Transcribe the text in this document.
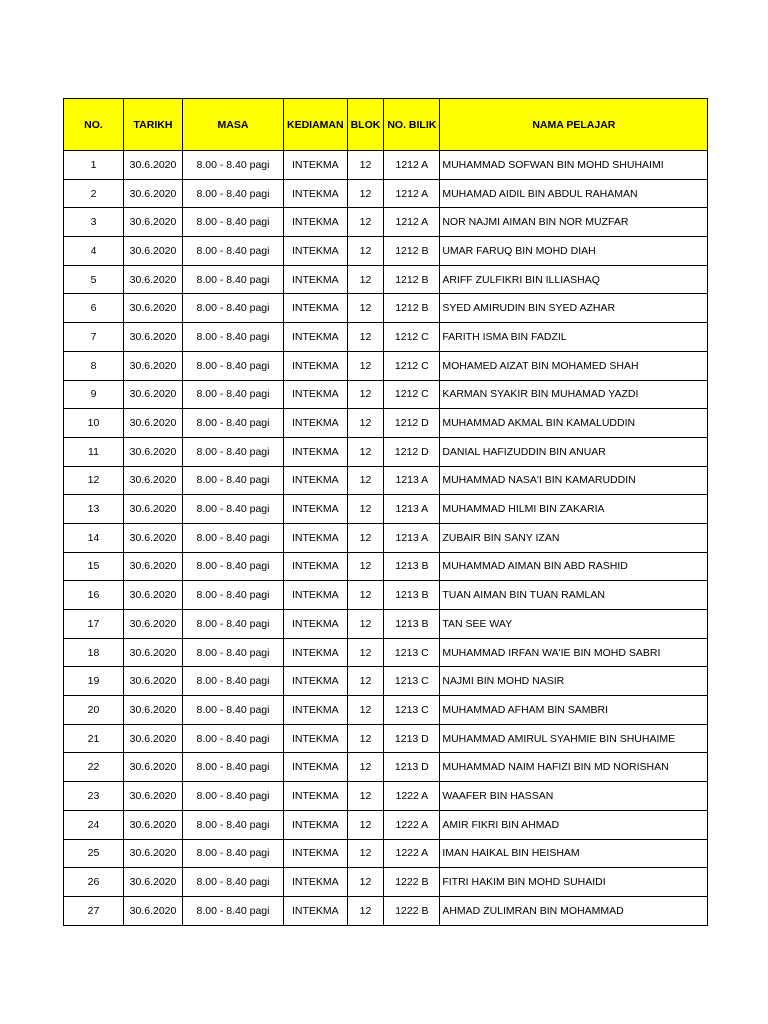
NO.	TARIKH	MASA	KEDIAMAN	BLOK	NO. BILIK	NAMA PELAJAR
1	30.6.2020	8.00 - 8.40 pagi	INTEKMA	12	1212 A	MUHAMMAD SOFWAN BIN MOHD SHUHAIMI
2	30.6.2020	8.00 - 8.40 pagi	INTEKMA	12	1212 A	MUHAMAD AIDIL BIN ABDUL RAHAMAN
3	30.6.2020	8.00 - 8.40 pagi	INTEKMA	12	1212 A	NOR NAJMI AIMAN BIN NOR MUZFAR
4	30.6.2020	8.00 - 8.40 pagi	INTEKMA	12	1212 B	UMAR FARUQ BIN MOHD DIAH
5	30.6.2020	8.00 - 8.40 pagi	INTEKMA	12	1212 B	ARIFF ZULFIKRI BIN ILLIASHAQ
6	30.6.2020	8.00 - 8.40 pagi	INTEKMA	12	1212 B	SYED AMIRUDIN BIN SYED AZHAR
7	30.6.2020	8.00 - 8.40 pagi	INTEKMA	12	1212 C	FARITH ISMA BIN FADZIL
8	30.6.2020	8.00 - 8.40 pagi	INTEKMA	12	1212 C	MOHAMED AIZAT BIN MOHAMED SHAH
9	30.6.2020	8.00 - 8.40 pagi	INTEKMA	12	1212 C	KARMAN SYAKIR BIN MUHAMAD YAZDI
10	30.6.2020	8.00 - 8.40 pagi	INTEKMA	12	1212 D	MUHAMMAD AKMAL BIN KAMALUDDIN
11	30.6.2020	8.00 - 8.40 pagi	INTEKMA	12	1212 D	DANIAL HAFIZUDDIN BIN ANUAR
12	30.6.2020	8.00 - 8.40 pagi	INTEKMA	12	1213 A	MUHAMMAD NASA'I BIN KAMARUDDIN
13	30.6.2020	8.00 - 8.40 pagi	INTEKMA	12	1213 A	MUHAMMAD HILMI BIN ZAKARIA
14	30.6.2020	8.00 - 8.40 pagi	INTEKMA	12	1213 A	ZUBAIR BIN SANY IZAN
15	30.6.2020	8.00 - 8.40 pagi	INTEKMA	12	1213 B	MUHAMMAD AIMAN BIN ABD RASHID
16	30.6.2020	8.00 - 8.40 pagi	INTEKMA	12	1213 B	TUAN AIMAN BIN TUAN RAMLAN
17	30.6.2020	8.00 - 8.40 pagi	INTEKMA	12	1213 B	TAN SEE WAY
18	30.6.2020	8.00 - 8.40 pagi	INTEKMA	12	1213 C	MUHAMMAD IRFAN WA'IE BIN MOHD SABRI
19	30.6.2020	8.00 - 8.40 pagi	INTEKMA	12	1213 C	NAJMI BIN MOHD NASIR
20	30.6.2020	8.00 - 8.40 pagi	INTEKMA	12	1213 C	MUHAMMAD AFHAM BIN SAMBRI
21	30.6.2020	8.00 - 8.40 pagi	INTEKMA	12	1213 D	MUHAMMAD AMIRUL SYAHMIE BIN SHUHAIME
22	30.6.2020	8.00 - 8.40 pagi	INTEKMA	12	1213 D	MUHAMMAD NAIM HAFIZI BIN MD NORISHAN
23	30.6.2020	8.00 - 8.40 pagi	INTEKMA	12	1222 A	WAAFER BIN HASSAN
24	30.6.2020	8.00 - 8.40 pagi	INTEKMA	12	1222 A	AMIR FIKRI BIN AHMAD
25	30.6.2020	8.00 - 8.40 pagi	INTEKMA	12	1222 A	IMAN HAIKAL BIN HEISHAM
26	30.6.2020	8.00 - 8.40 pagi	INTEKMA	12	1222 B	FITRI HAKIM BIN MOHD SUHAIDI
27	30.6.2020	8.00 - 8.40 pagi	INTEKMA	12	1222 B	AHMAD ZULIMRAN BIN MOHAMMAD
